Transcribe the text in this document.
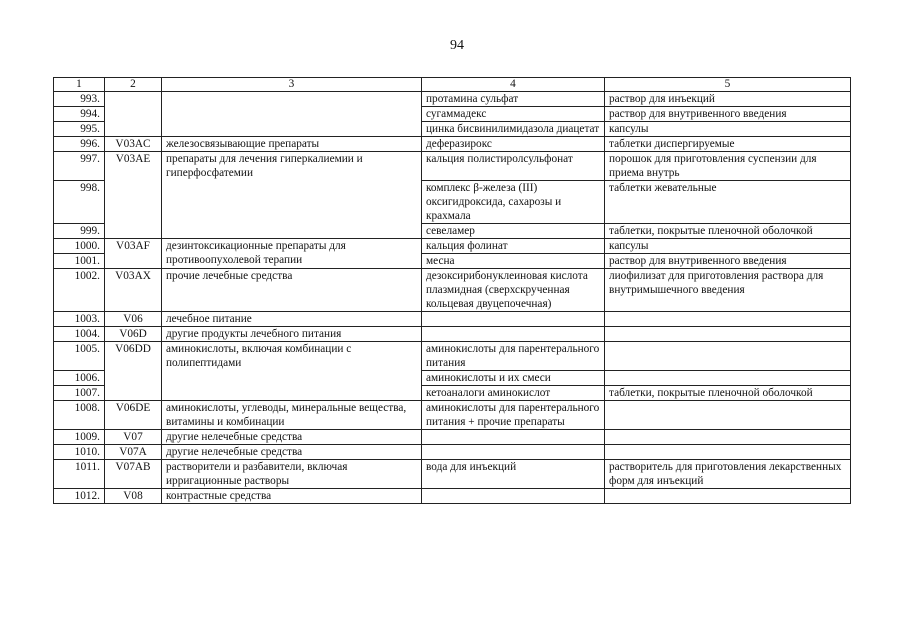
94
1	2	3	4	5
993.			протамина сульфат	раствор для инъекций
994.			сугаммадекс	раствор для внутривенного введения
995.			цинка бисвинилимидазола диацетат	капсулы
996.	V03AC	железосвязывающие препараты	деферазирокс	таблетки диспергируемые
997.	V03AE	препараты для лечения гиперкалиемии и гиперфосфатемии	кальция полистиролсульфонат	порошок для приготовления суспензии для приема внутрь
998.			комплекс β-железа (III) оксигидроксида, сахарозы и крахмала	таблетки жевательные
999.			севеламер	таблетки, покрытые пленочной оболочкой
1000.	V03AF	дезинтоксикационные препараты для противоопухолевой терапии	кальция фолинат	капсулы
1001.			месна	раствор для внутривенного введения
1002.	V03AX	прочие лечебные средства	дезоксирибонуклеиновая кислота плазмидная (сверхскрученная кольцевая двуцепочечная)	лиофилизат для приготовления раствора для внутримышечного введения
1003.	V06	лечебное питание		
1004.	V06D	другие продукты лечебного питания		
1005.	V06DD	аминокислоты, включая комбинации с полипептидами	аминокислоты для парентерального питания	
1006.			аминокислоты и их смеси	
1007.			кетоаналоги аминокислот	таблетки, покрытые пленочной оболочкой
1008.	V06DE	аминокислоты, углеводы, минеральные вещества, витамины и комбинации	аминокислоты для парентерального питания + прочие препараты	
1009.	V07	другие нелечебные средства		
1010.	V07A	другие нелечебные средства		
1011.	V07AB	растворители и разбавители, включая ирригационные растворы	вода для инъекций	растворитель для приготовления лекарственных форм для инъекций
1012.	V08	контрастные средства		
